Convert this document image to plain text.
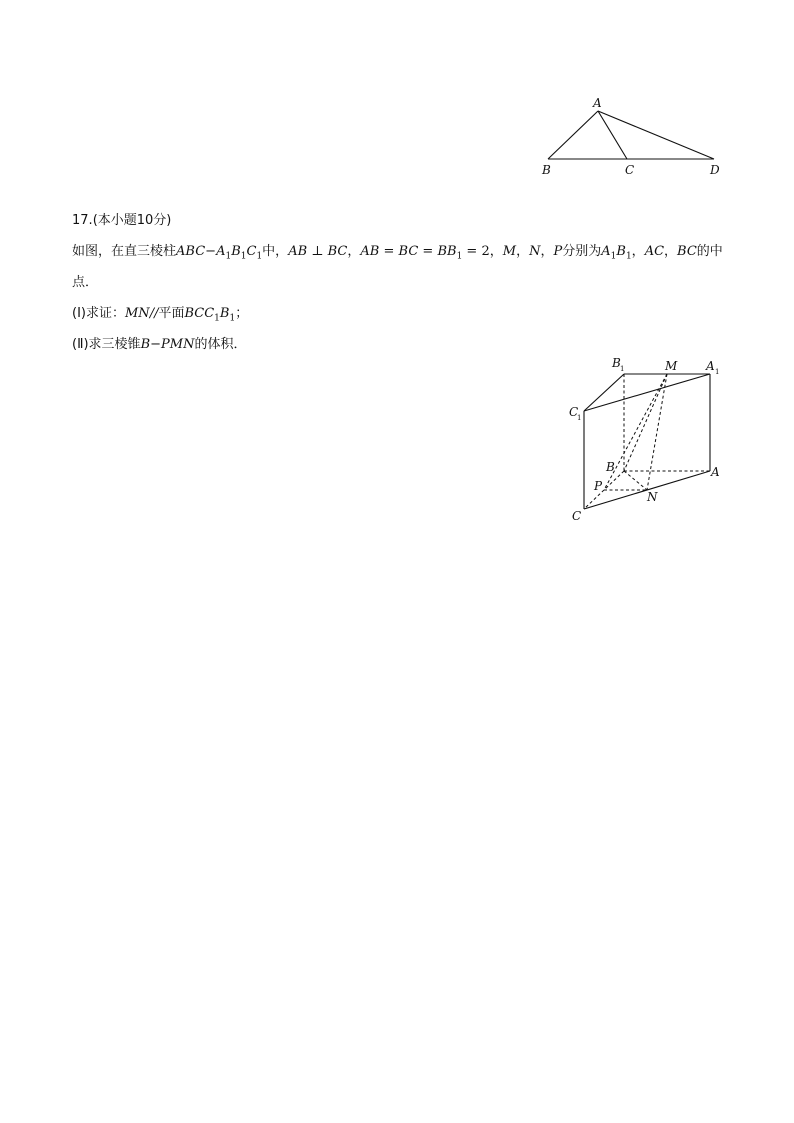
A
B	C	D
17.(本小题10分)
如图，在直三棱柱$ABC-A_1B_1C_1$中，AB ⊥ BC，AB = BC = $BB_1 = 2$，M，N，P分别为$A_1B_1$，AC，BC的中
点．
(Ⅰ)求证：MN//平面$BCC_1B_1$；
(Ⅱ)求三棱锥B−PMN的体积．
B 1	M A 1
C
1
B	A
P
N
C
